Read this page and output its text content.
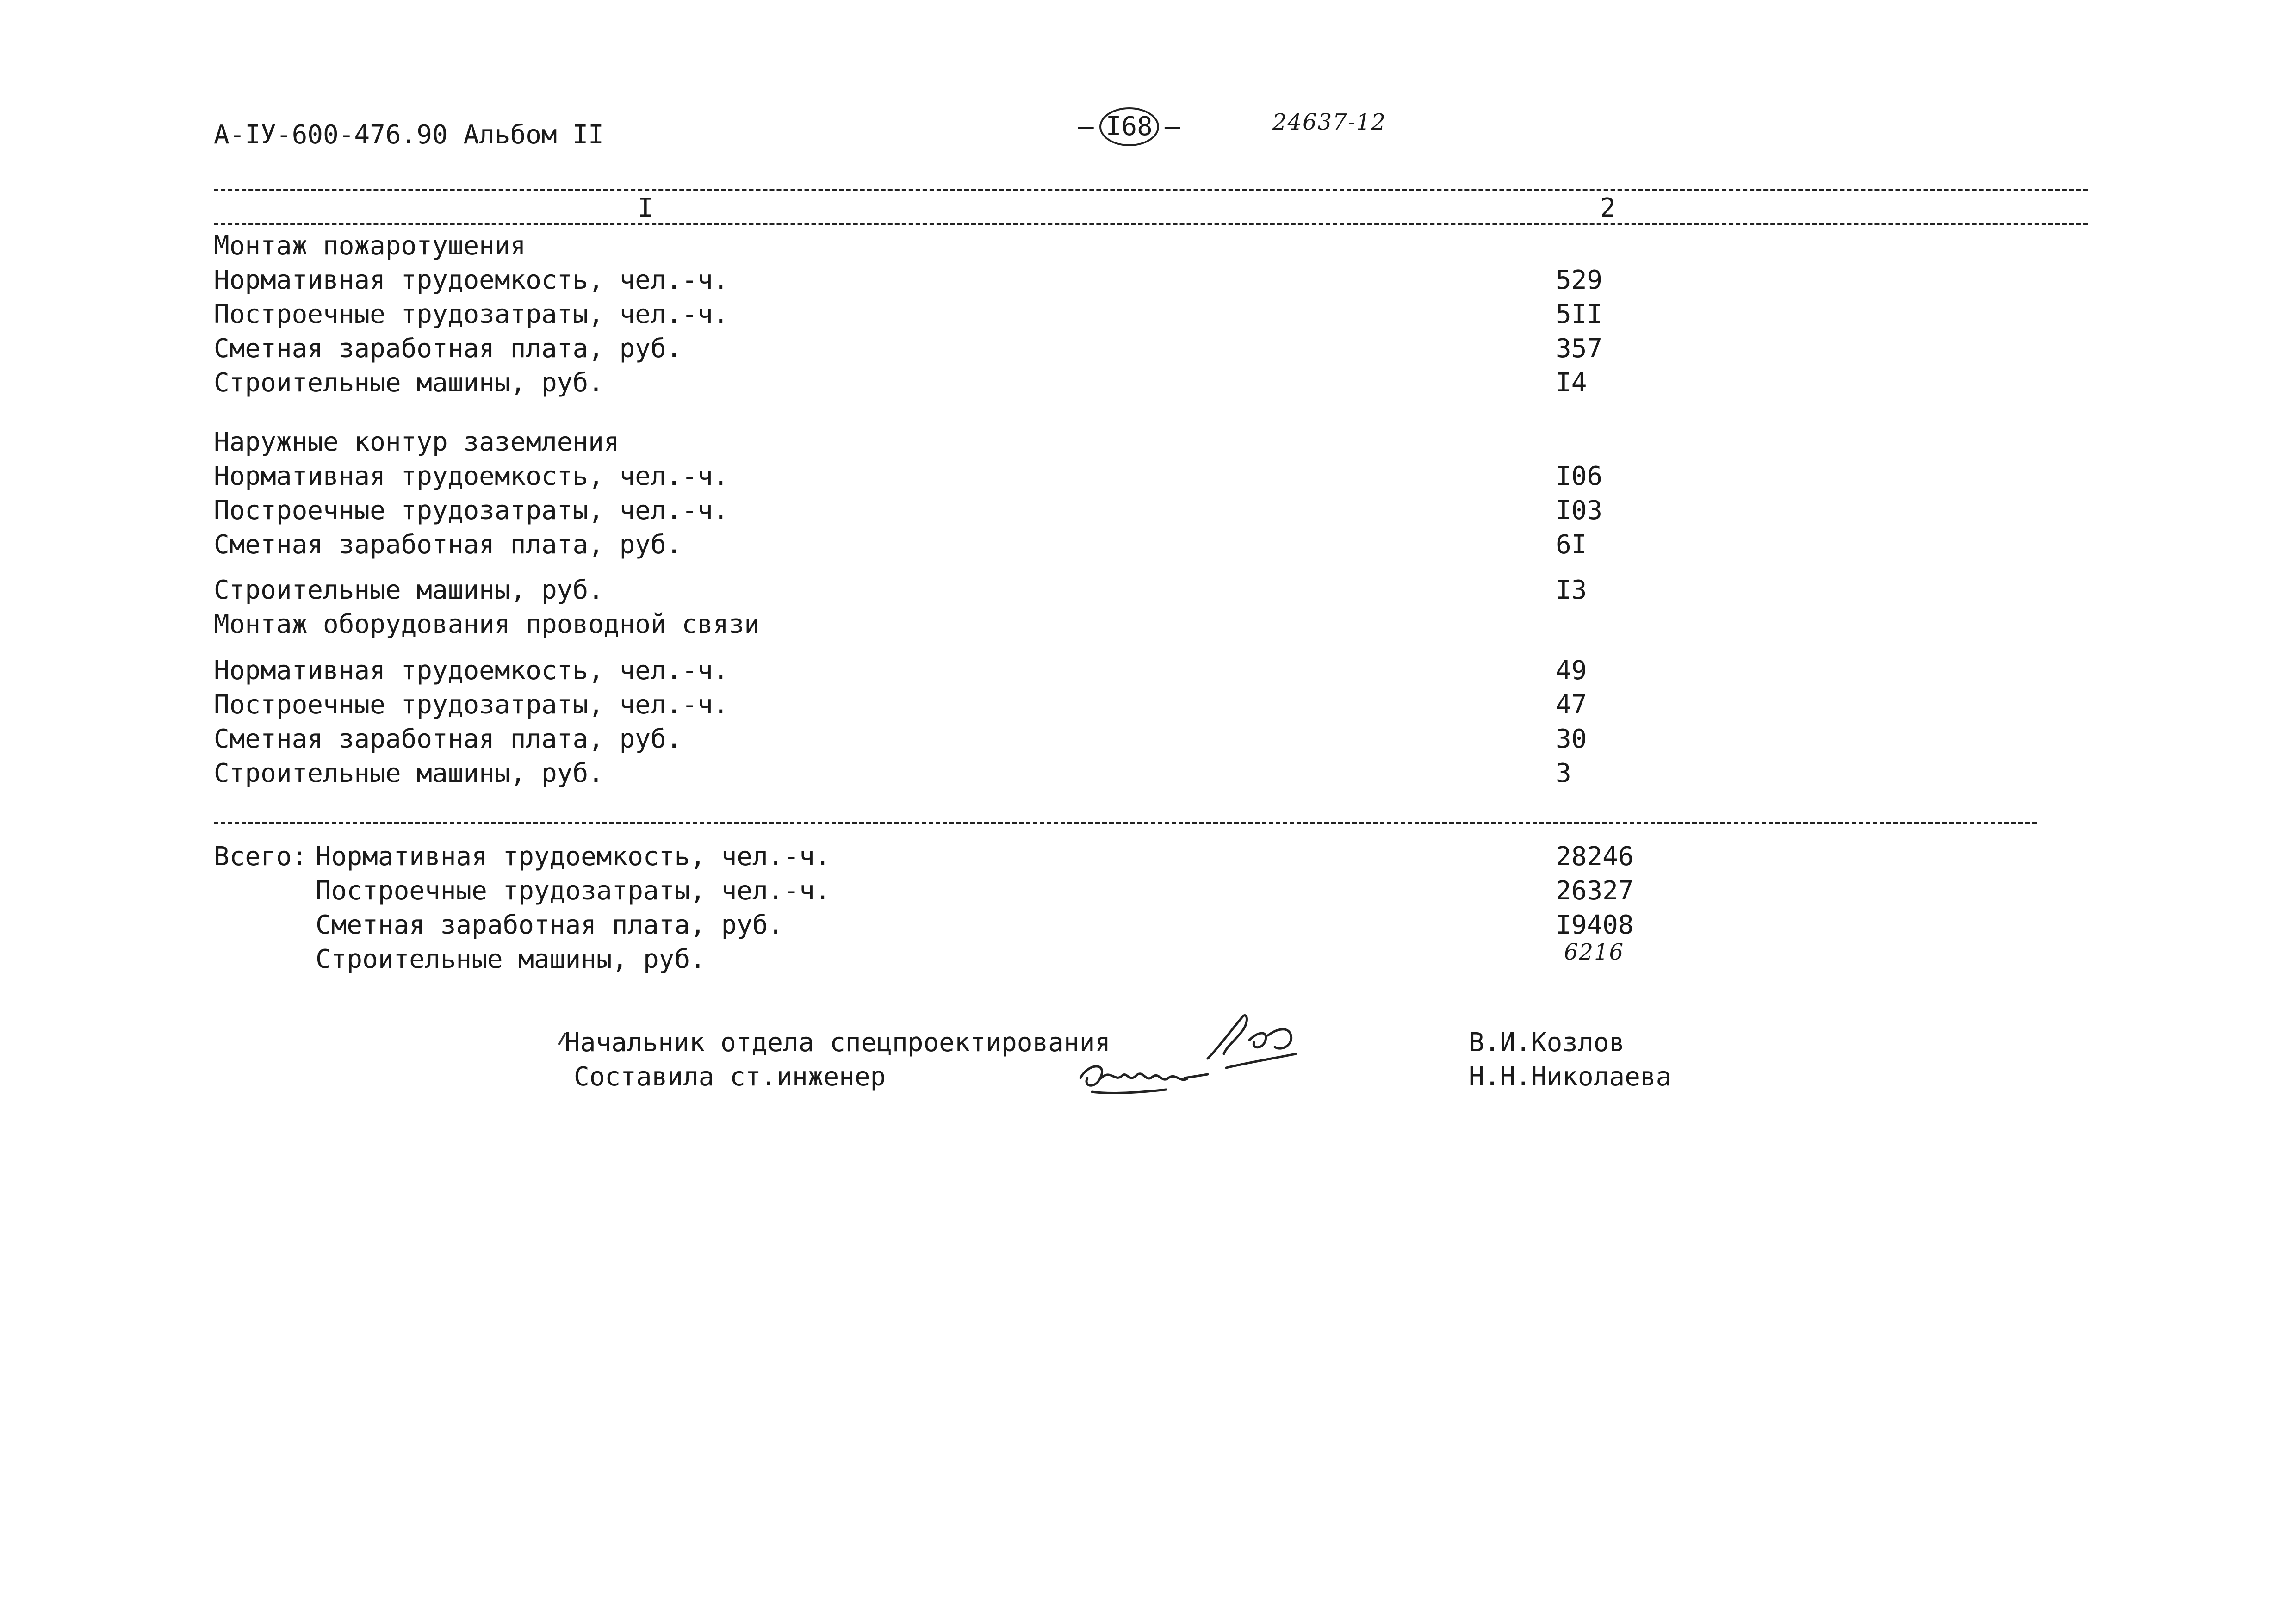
А-IУ-600-476.90 Альбом II	– I68 –	24637-12
I	2
Монтаж пожаротушения
Нормативная трудоемкость, чел.-ч.	529
Построечные трудозатраты, чел.-ч.	5II
Сметная заработная плата, руб.	357
Строительные машины, руб.	I4
Наружные контур заземления
Нормативная трудоемкость, чел.-ч.	I06
Построечные трудозатраты, чел.-ч.	I03
Сметная заработная плата, руб.	6I
Строительные машины, руб.	I3
Монтаж оборудования проводной связи
Нормативная трудоемкость, чел.-ч.	49
Построечные трудозатраты, чел.-ч.	47
Сметная заработная плата, руб.	30
Строительные машины, руб.	3
Всего: Нормативная трудоемкость, чел.-ч.	28246
Построечные трудозатраты, чел.-ч.	26327
Сметная заработная плата, руб.	I9408
Строительные машины, руб.	6216
Начальник отдела спецпроектирования	В.И.Козлов
Составила ст.инженер	Н.Н.Николаева
